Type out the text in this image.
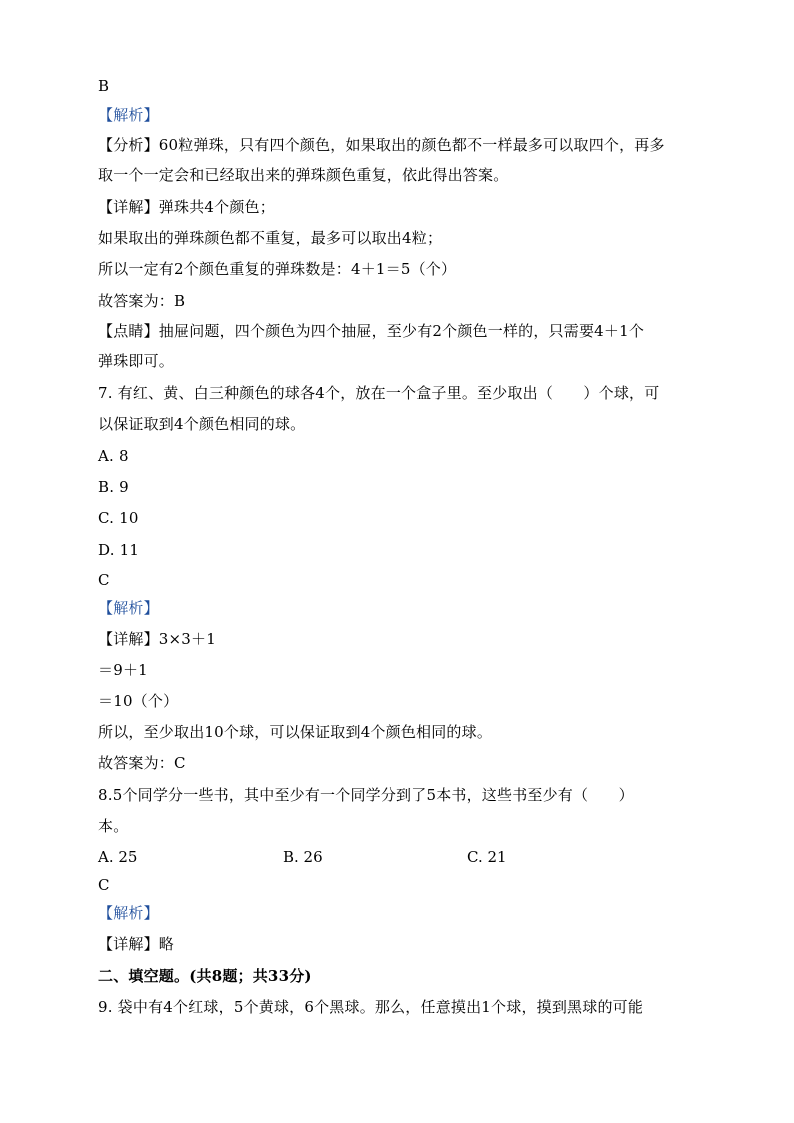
B
【解析】
【分析】60粒弹珠，只有四个颜色，如果取出的颜色都不一样最多可以取四个，再多
取一个一定会和已经取出来的弹珠颜色重复，依此得出答案。
【详解】弹珠共4个颜色；
如果取出的弹珠颜色都不重复，最多可以取出4粒；
所以一定有2个颜色重复的弹珠数是：4＋1＝5（个）
故答案为：B
【点睛】抽屉问题，四个颜色为四个抽屉，至少有2个颜色一样的，只需要4＋1个
弹珠即可。
7. 有红、黄、白三种颜色的球各4个，放在一个盒子里。至少取出（　　）个球，可
以保证取到4个颜色相同的球。
A. 8
B. 9
C. 10
D. 11
C
【解析】
【详解】3×3＋1
＝9＋1
＝10（个）
所以，至少取出10个球，可以保证取到4个颜色相同的球。
故答案为：C
8.5个同学分一些书，其中至少有一个同学分到了5本书，这些书至少有（　　）
本。
A. 25	B. 26	C. 21
C
【解析】
【详解】略
二、填空题。(共8题；共33分)
9. 袋中有4个红球，5个黄球，6个黑球。那么，任意摸出1个球，摸到黑球的可能
